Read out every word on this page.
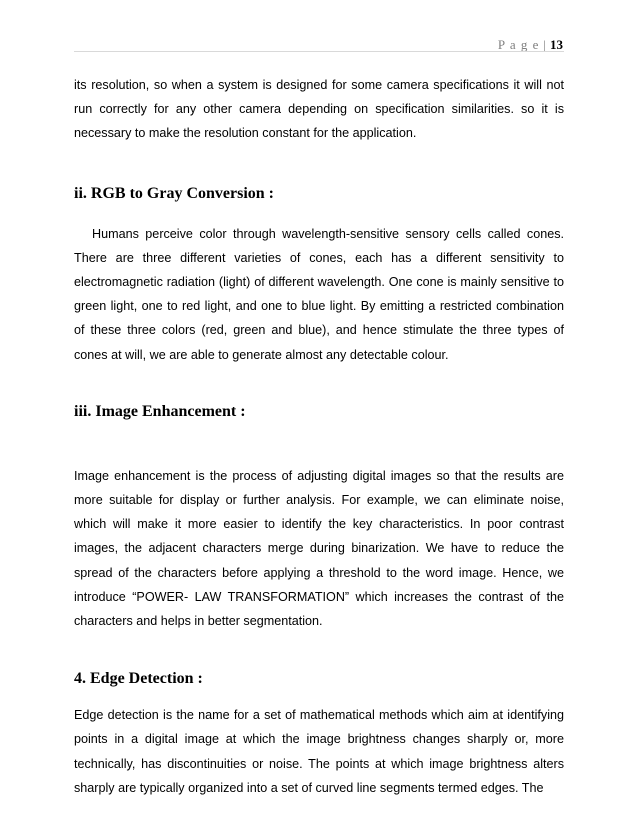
P a g e | 13

its resolution, so when a system is designed for some camera specifications it will not run correctly for any other camera depending on specification similarities. so it is necessary to make the resolution constant for the application.

ii. RGB to Gray Conversion :

Humans perceive color through wavelength-sensitive sensory cells called cones. There are three different varieties of cones, each has a different sensitivity to electromagnetic radiation (light) of different wavelength. One cone is mainly sensitive to green light, one to red light, and one to blue light. By emitting a restricted combination of these three colors (red, green and blue), and hence stimulate the three types of cones at will, we are able to generate almost any detectable colour.

iii. Image Enhancement :

Image enhancement is the process of adjusting digital images so that the results are more suitable for display or further analysis. For example, we can eliminate noise, which will make it more easier to identify the key characteristics. In poor contrast images, the adjacent characters merge during binarization. We have to reduce the spread of the characters before applying a threshold to the word image. Hence, we introduce “POWER- LAW TRANSFORMATION” which increases the contrast of the characters and helps in better segmentation.

4. Edge Detection :

Edge detection is the name for a set of mathematical methods which aim at identifying points in a digital image at which the image brightness changes sharply or, more technically, has discontinuities or noise. The points at which image brightness alters sharply are typically organized into a set of curved line segments termed edges. The
